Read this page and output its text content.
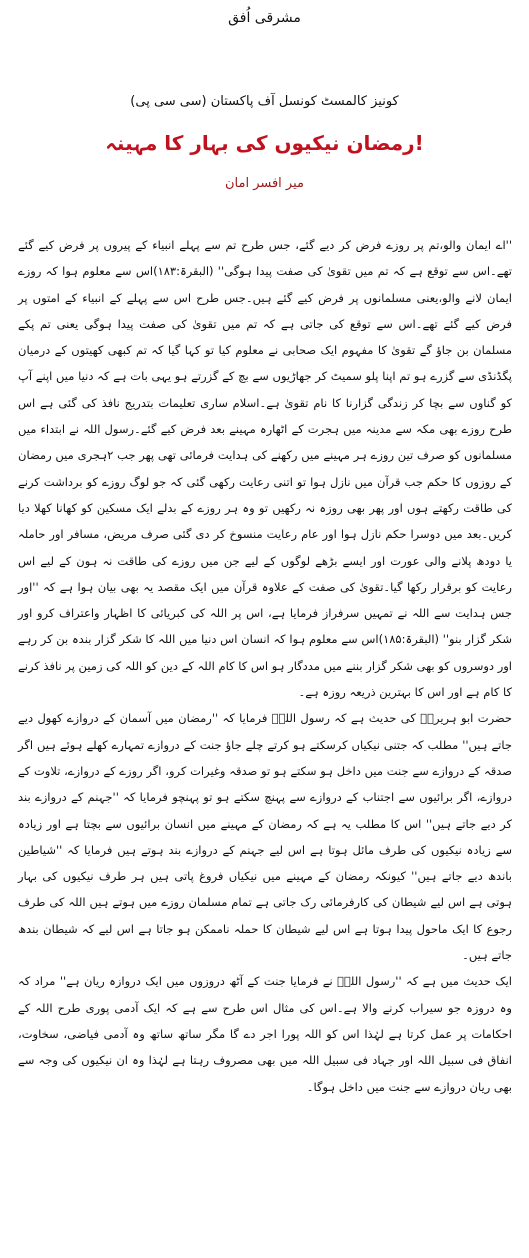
مشرقی اُفق
کونیز کالمسٹ کونسل آف پاکستان (سی سی پی)
رمضان نیکیوں کی بہار کا مہینہ!
میر افسر امان

''اے ایمان والو،تم پر روزے فرض کر دیے گئے، جس طرح تم سے پہلے انبیاء کے پیروں پر فرض کیے گئے تھے۔اس سے توقع ہے کہ تم میں تقویٰ کی صفت پیدا ہوگی'' (البقرۃ:۱۸۳)اس سے معلوم ہوا کہ روزے ایمان لانے والو،یعنی مسلمانوں پر فرض کیے گئے ہیں۔جس طرح اس سے پہلے کے انبیاء کے امتوں پر فرض کیے گئے تھے۔اس سے توقع کی جاتی ہے کہ تم میں تقویٰ کی صفت پیدا ہوگی یعنی تم پکے مسلمان بن جاؤ گے تقویٰ کا مفہوم ایک صحابی نے معلوم کیا تو کہا گیا کہ تم کبھی کھیتوں کے درمیان پگڈنڈی سے گزرے ہو تم اپنا پلو سمیٹ کر جھاڑیوں سے بچ کے گزرتے ہو یہی بات ہے کہ دنیا میں اپنے آپ کو گناوں سے بچا کر زندگی گزارنا کا نام تقویٰ ہے۔اسلام ساری تعلیمات بتدریج نافذ کی گئی ہے اس طرح روزے بھی مکہ سے مدینہ میں ہجرت کے اٹھارہ مہینے بعد فرض کیے گئے۔رسول اللہ نے ابتداء میں مسلمانوں کو صرف تین روزے ہر مہینے میں رکھنے کی ہدایت فرمائی تھی پھر جب ۲ہجری میں رمضان کے روزوں کا حکم جب قرآن میں نازل ہوا تو اتنی رعایت رکھی گئی کہ جو لوگ روزے کو برداشت کرنے کی طاقت رکھتے ہوں اور پھر بھی روزہ نہ رکھیں تو وہ ہر روزے کے بدلے ایک مسکین کو کھانا کھلا دیا کریں۔بعد میں دوسرا حکم نازل ہوا اور عام رعایت منسوخ کر دی گئی صرف مریض، مسافر اور حاملہ یا دودھ پلانے والی عورت اور ایسے بڑھے لوگوں کے لیے جن میں روزے کی طاقت نہ ہون کے لیے اس رعایت کو برقرار رکھا گیا۔تقویٰ کی صفت کے علاوہ قرآن میں ایک مقصد یہ بھی بیان ہوا ہے کہ ''اور جس ہدایت سے اللہ نے تمہیں سرفراز فرمایا ہے، اس پر اللہ کی کبریائی کا اظہار واعتراف کرو اور شکر گزار بنو'' (البقرۃ:۱۸۵)اس سے معلوم ہوا کہ انسان اس دنیا میں اللہ کا شکر گزار بندہ بن کر رہے اور دوسروں کو بھی شکر گزار بننے میں مددگار ہو اس کا کام اللہ کے دین کو اللہ کی زمین پر نافذ کرنے کا کام ہے اور اس کا بہترین ذریعہ روزہ ہے۔

حضرت ابو ہریرۃؓ کی حدیث ہے کہ رسول اللہؐ فرمایا کہ ''رمضان میں آسمان کے دروازے کھول دیے جاتے ہیں'' مطلب کہ جتنی نیکیاں کرسکتے ہو کرتے چلے جاؤ جنت کے دروازے تمہارے کھلے ہوئے ہیں اگر صدقہ کے دروازے سے جنت میں داخل ہو سکتے ہو تو صدقہ وغیرات کرو، اگر روزے کے دروازے، تلاوت کے دروازے، اگر برائیوں سے اجتناب کے دروازے سے پہنچ سکتے ہو تو پہنچو فرمایا کہ ''جہنم کے دروازے بند کر دیے جاتے ہیں'' اس کا مطلب یہ ہے کہ رمضان کے مہینے میں انسان برائیوں سے بچتا ہے اور زیادہ سے زیادہ نیکیوں کی طرف مائل ہوتا ہے اس لیے جہنم کے دروازے بند ہوتے ہیں فرمایا کہ ''شیاطین باندھ دیے جاتے ہیں'' کیونکہ رمضان کے مہینے میں نیکیاں فروغ پاتی ہیں ہر طرف نیکیوں کی بہار ہوتی ہے اس لیے شیطان کی کارفرمائی رک جاتی ہے تمام مسلمان روزے میں ہوتے ہیں اللہ کی طرف رجوع کا ایک ماحول پیدا ہوتا ہے اس لیے شیطان کا حملہ ناممکن ہو جاتا ہے اس لیے کہ شیطان بندھ جاتے ہیں۔

ایک حدیث میں ہے کہ ''رسول اللہؐ نے فرمایا جنت کے آٹھ دروزوں میں ایک دروازہ ریان ہے'' مراد کہ وہ دروزہ جو سیراب کرنے والا ہے۔اس کی مثال اس طرح سے ہے کہ ایک آدمی پوری طرح اللہ کے احکامات پر عمل کرتا ہے لہٰذا اس کو اللہ پورا اجر دے گا مگر ساتھ ساتھ وہ آدمی فیاضی، سخاوت، انفاق فی سبیل اللہ اور جہاد فی سبیل اللہ میں بھی مصروف رہتا ہے لہٰذا وہ ان نیکیوں کی وجہ سے بھی ریان دروازے سے جنت میں داخل ہوگا۔
